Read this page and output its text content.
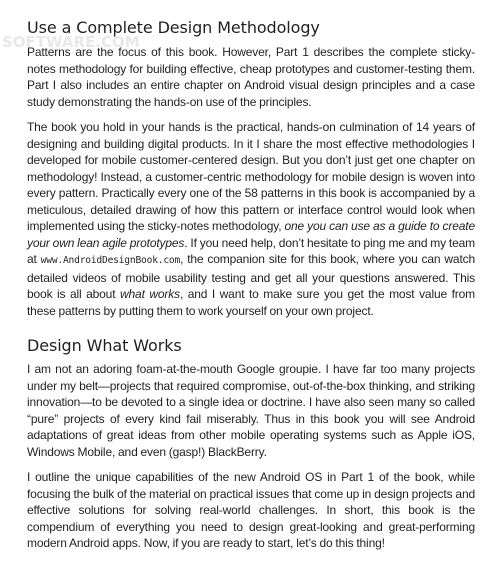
SOFTWARE.COM
Use a Complete Design Methodology

Patterns are the focus of this book. However, Part 1 describes the complete sticky-notes methodology for building effective, cheap prototypes and customer-testing them. Part I also includes an entire chapter on Android visual design principles and a case study demonstrating the hands-on use of the principles.

The book you hold in your hands is the practical, hands-on culmination of 14 years of designing and building digital products. In it I share the most effective methodologies I developed for mobile customer-centered design. But you don’t just get one chapter on methodology! Instead, a customer-centric methodology for mobile design is woven into every pattern. Practically every one of the 58 patterns in this book is accompanied by a meticulous, detailed drawing of how this pattern or interface control would look when implemented using the sticky-notes methodology, one you can use as a guide to create your own lean agile prototypes. If you need help, don’t hesitate to ping me and my team at www.AndroidDesignBook.com, the companion site for this book, where you can watch detailed videos of mobile usability testing and get all your questions answered. This book is all about what works, and I want to make sure you get the most value from these patterns by putting them to work yourself on your own project.

Design What Works

I am not an adoring foam-at-the-mouth Google groupie. I have far too many projects under my belt—projects that required compromise, out-of-the-box thinking, and striking innovation—to be devoted to a single idea or doctrine. I have also seen many so called “pure” projects of every kind fail miserably. Thus in this book you will see Android adaptations of great ideas from other mobile operating systems such as Apple iOS, Windows Mobile, and even (gasp!) BlackBerry.

I outline the unique capabilities of the new Android OS in Part 1 of the book, while focusing the bulk of the material on practical issues that come up in design projects and effective solutions for solving real-world challenges. In short, this book is the compendium of everything you need to design great-looking and great-performing modern Android apps. Now, if you are ready to start, let’s do this thing!
